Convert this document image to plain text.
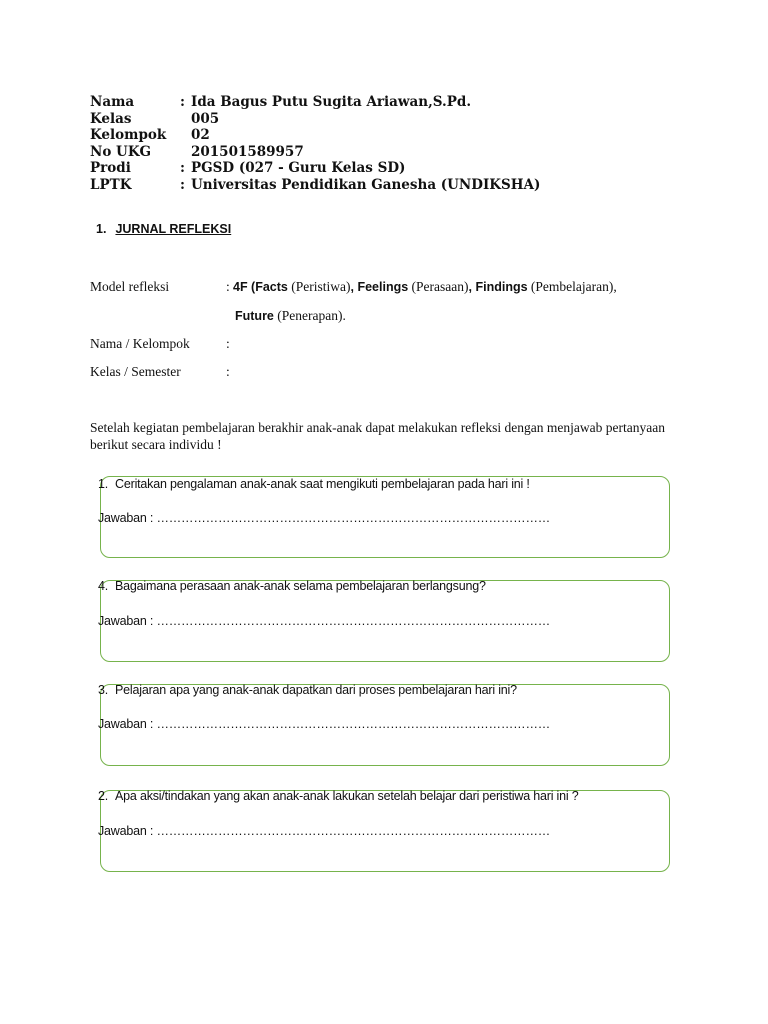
Nama	: Ida Bagus Putu Sugita Ariawan,S.Pd.
Kelas	005
Kelompok	02
No UKG	201501589957
Prodi	: PGSD (027 - Guru Kelas SD)
LPTK	: Universitas Pendidikan Ganesha (UNDIKSHA)
1. JURNAL REFLEKSI
Model refleksi	: 4F (Facts (Peristiwa), Feelings (Perasaan), Findings (Pembelajaran),
Future (Penerapan).
Nama / Kelompok	:
Kelas / Semester	:
Setelah kegiatan pembelajaran berakhir anak-anak dapat melakukan refleksi dengan menjawab pertanyaan berikut secara individu !
1. Ceritakan pengalaman anak-anak saat mengikuti pembelajaran pada hari ini !
Jawaban : ……………………………………………………………………………………
4. Bagaimana perasaan anak-anak selama pembelajaran berlangsung?
Jawaban : ……………………………………………………………………………………
3. Pelajaran apa yang anak-anak dapatkan dari proses pembelajaran hari ini?
Jawaban : ……………………………………………………………………………………
2. Apa aksi/tindakan yang akan anak-anak lakukan setelah belajar dari peristiwa hari ini ?
Jawaban : ……………………………………………………………………………………
